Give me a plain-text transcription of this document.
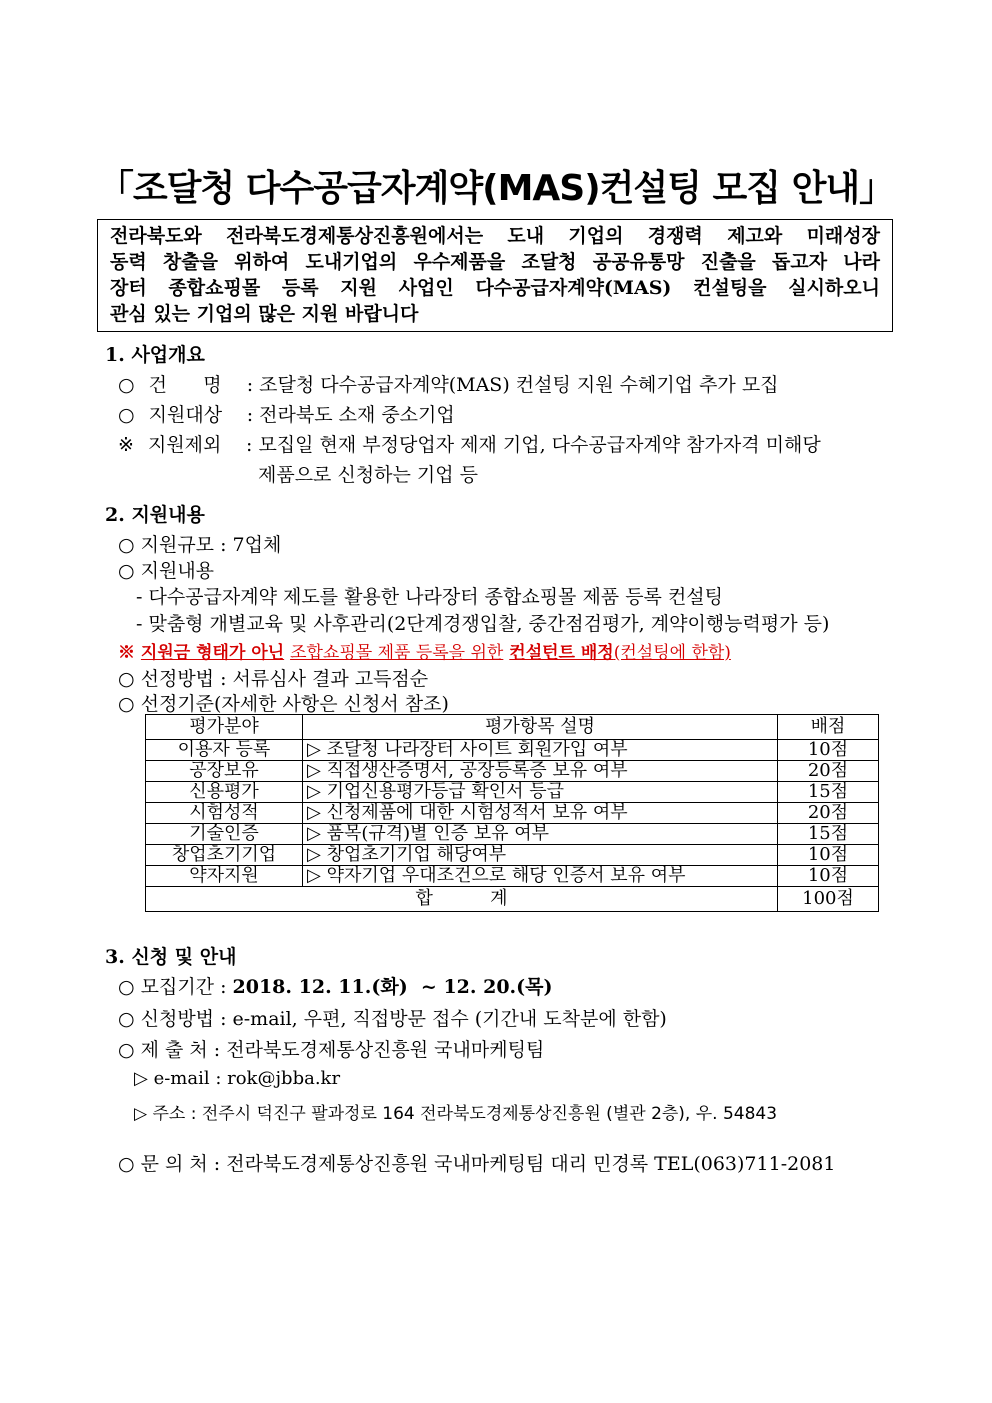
「조달청 다수공급자계약(MAS)컨설팅 모집 안내」
전라북도와 전라북도경제통상진흥원에서는 도내 기업의 경쟁력 제고와 미래성장
동력 창출을 위하여 도내기업의 우수제품을 조달청 공공유통망 진출을 돕고자 나라
장터 종합쇼핑몰 등록 지원 사업인 다수공급자계약(MAS) 컨설팅을 실시하오니
관심 있는 기업의 많은 지원 바랍니다
1. 사업개요
○ 건      명 : 조달청 다수공급자계약(MAS) 컨설팅 지원 수혜기업 추가 모집
○ 지원대상 : 전라북도 소재 중소기업
※ 지원제외 : 모집일 현재 부정당업자 제재 기업, 다수공급자계약 참가자격 미해당
제품으로 신청하는 기업 등
2. 지원내용
○ 지원규모 : 7업체
○ 지원내용
- 다수공급자계약 제도를 활용한 나라장터 종합쇼핑몰 제품 등록 컨설팅
- 맞춤형 개별교육 및 사후관리(2단계경쟁입찰, 중간점검평가, 계약이행능력평가 등)
※ 지원금 형태가 아닌 조합쇼핑몰 제품 등록을 위한 컨설턴트 배정(컨설팅에 한함)
○ 선정방법 : 서류심사 결과 고득점순
○ 선정기준(자세한 사항은 신청서 참조)
평가분야	평가항목 설명	배점
이용자 등록	▷ 조달청 나라장터 사이트 회원가입 여부	10점
공장보유	▷ 직접생산증명서, 공장등록증 보유 여부	20점
신용평가	▷ 기업신용평가등급 확인서 등급	15점
시험성적	▷ 신청제품에 대한 시험성적서 보유 여부	20점
기술인증	▷ 품목(규격)별 인증 보유 여부	15점
창업초기기업	▷ 창업초기기업 해당여부	10점
약자지원	▷ 약자기업 우대조건으로 해당 인증서 보유 여부	10점
합          계		100점
3. 신청 및 안내
○ 모집기간 : 2018. 12. 11.(화)  ~ 12. 20.(목)
○ 신청방법 : e-mail, 우편, 직접방문 접수 (기간내 도착분에 한함)
○ 제 출 처 : 전라북도경제통상진흥원 국내마케팅팀
▷ e-mail : rok@jbba.kr
▷ 주소 : 전주시 덕진구 팔과정로 164 전라북도경제통상진흥원 (별관 2층), 우. 54843
○ 문 의 처 : 전라북도경제통상진흥원 국내마케팅팀 대리 민경록 TEL(063)711-2081
